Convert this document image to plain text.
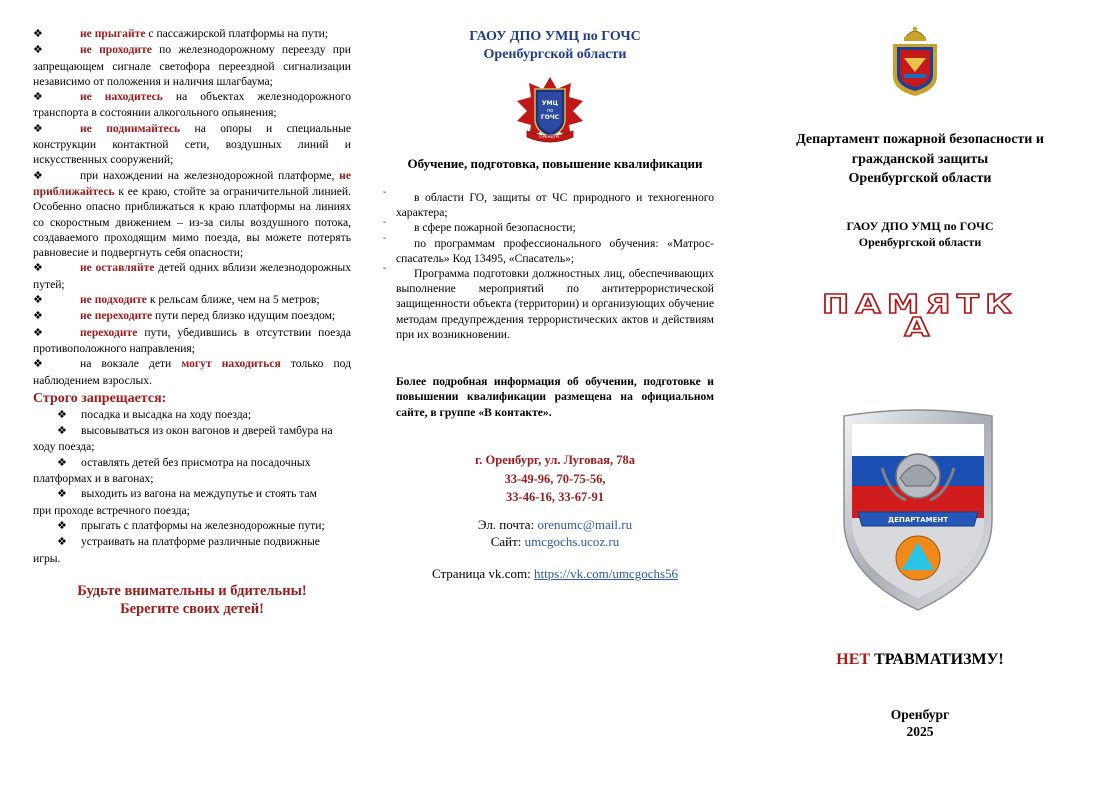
❖	не прыгайте с пассажирской платформы на пути;
❖	не проходите по железнодорожному переезду при запрещающем сигнале светофора переездной сигнализации независимо от положения и наличия шлагбаума;
❖	не находитесь на объектах железнодорожного транспорта в состоянии алкогольного опьянения;
❖	не поднимайтесь на опоры и специальные конструкции контактной сети, воздушных линий и искусственных сооружений;
❖	при нахождении на железнодорожной платформе, не приближайтесь к ее краю, стойте за ограничительной линией. Особенно опасно приближаться к краю платформы на линиях со скоростным движением – из-за силы воздушного потока, создаваемого проходящим мимо поезда, вы можете потерять равновесие и подвергнуть себя опасности;
❖	не оставляйте детей одних вблизи железнодорожных путей;
❖	не подходите к рельсам ближе, чем на 5 метров;
❖	не переходите пути перед близко идущим поездом;
❖	переходите пути, убедившись в отсутствии поезда противоположного направления;
❖	на вокзале дети могут находиться только под наблюдением взрослых.
Строго запрещается:
❖ посадка и высадка на ходу поезда;
❖ высовываться из окон вагонов и дверей тамбура на ходу поезда;
❖ оставлять детей без присмотра на посадочных платформах и в вагонах;
❖ выходить из вагона на междупутье и стоять там при проходе встречного поезда;
❖ прыгать с платформы на железнодорожные пути;
❖ устраивать на платформе различные подвижные игры.
Будьте внимательны и бдительны!
Берегите своих детей!
ГАОУ ДПО УМЦ по ГОЧС
Оренбургской области
УМЦ
по
ГОЧС
ОРЕНБУРГ
Обучение, подготовка, повышение квалификации
˜ в области ГО, защиты от ЧС природного и техногенного характера;
˜ в сфере пожарной безопасности;
˜ по программам профессионального обучения: «Матрос-спасатель» Код 13495, «Спасатель»;
˜ Программа подготовки должностных лиц, обеспечивающих выполнение мероприятий по антитеррористической защищенности объекта (территории) и организующих обучение методам предупреждения террористических актов и действиям при их возникновении.
Более подробная информация об обучении, подготовке и повышении квалификации размещена на официальном сайте, в группе «В контакте».
г. Оренбург, ул. Луговая, 78а
33-49-96, 70-75-56,
33-46-16, 33-67-91
Эл. почта: orenumc@mail.ru
Сайт: umcgochs.ucoz.ru
Страница vk.com: https://vk.com/umcgochs56
Департамент пожарной безопасности и
гражданской защиты
Оренбургской области
ГАОУ ДПО УМЦ по ГОЧС
Оренбургской области
ПАМЯТК
А
ДЕПАРТАМЕНТ
НЕТ ТРАВМАТИЗМУ!
Оренбург
2025
